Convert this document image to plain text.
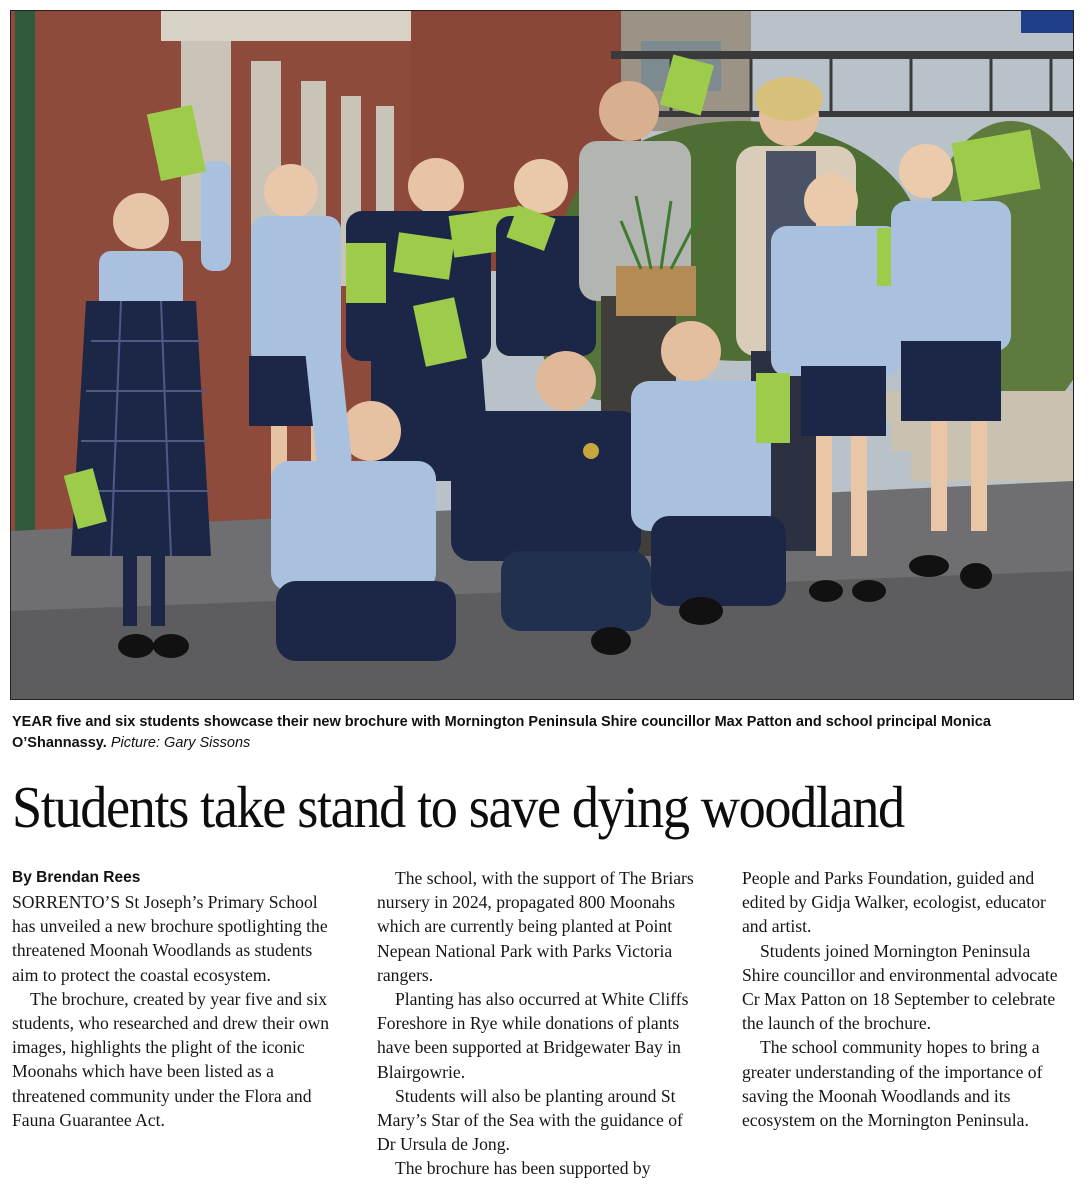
YEAR five and six students showcase their new brochure with Mornington Peninsula Shire councillor Max Patton and school principal Monica O’Shannassy. Picture: Gary Sissons
Students take stand to save dying woodland

By Brendan Rees

SORRENTO’S St Joseph’s Primary School has unveiled a new brochure spotlighting the threatened Moonah Woodlands as students aim to protect the coastal ecosystem.

The brochure, created by year five and six students, who researched and drew their own images, highlights the plight of the iconic Moonahs which have been listed as a threatened community under the Flora and Fauna Guarantee Act.

The school, with the support of The Briars nursery in 2024, propagated 800 Moonahs which are currently being planted at Point Nepean National Park with Parks Victoria rangers.

Planting has also occurred at White Cliffs Foreshore in Rye while donations of plants have been supported at Bridgewater Bay in Blairgowrie.

Students will also be planting around St Mary’s Star of the Sea with the guidance of Dr Ursula de Jong.

The brochure has been supported by

People and Parks Foundation, guided and edited by Gidja Walker, ecologist, educator and artist.

Students joined Mornington Peninsula Shire councillor and environmental advocate Cr Max Patton on 18 September to celebrate the launch of the brochure.

The school community hopes to bring a greater understanding of the importance of saving the Moonah Woodlands and its ecosystem on the Mornington Peninsula.
